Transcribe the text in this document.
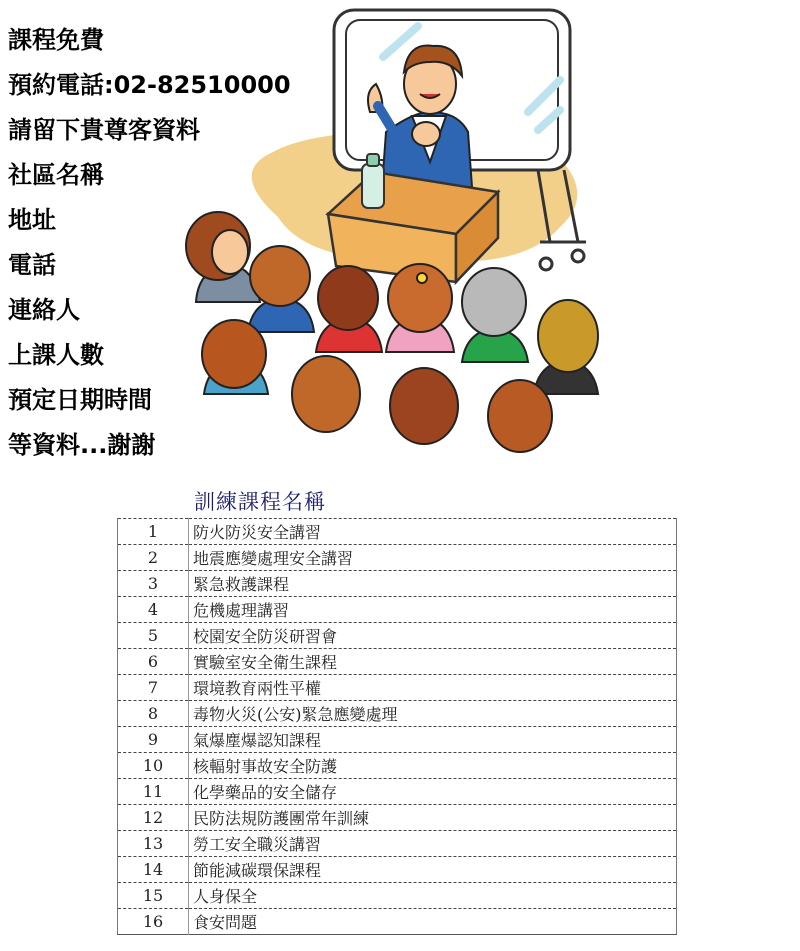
課程免費
預約電話:02-82510000
請留下貴尊客資料
社區名稱
地址
電話
連絡人
上課人數
預定日期時間
等資料...謝謝
訓練課程名稱
1	防火防災安全講習
2	地震應變處理安全講習
3	緊急救護課程
4	危機處理講習
5	校園安全防災研習會
6	實驗室安全衛生課程
7	環境教育兩性平權
8	毒物火災(公安)緊急應變處理
9	氣爆塵爆認知課程
10	核輻射事故安全防護
11	化學藥品的安全儲存
12	民防法規防護團常年訓練
13	勞工安全職災講習
14	節能減碳環保課程
15	人身保全
16	食安問題
